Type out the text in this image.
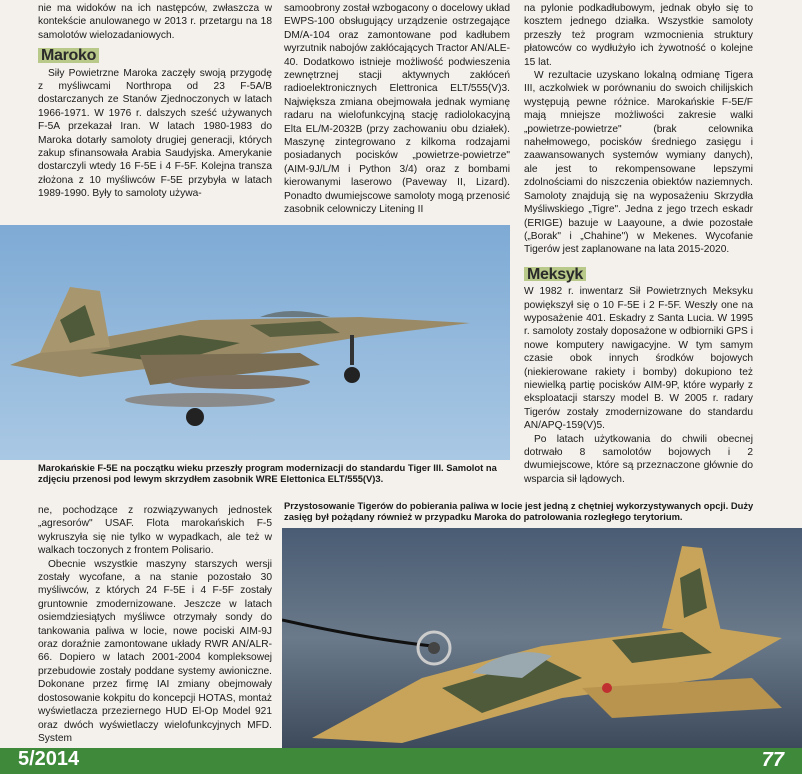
nie ma widoków na ich następców, zwłaszcza w kontekście anulowanego w 2013 r. przetargu na 18 samolotów wielozadaniowych.

Maroko

Siły Powietrzne Maroka zaczęły swoją przygodę z myśliwcami Northropa od 23 F-5A/B dostarczanych ze Stanów Zjednoczonych w latach 1966-1971. W 1976 r. dalszych sześć używanych F-5A przekazał Iran. W latach 1980-1983 do Maroka dotarły samoloty drugiej generacji, których zakup sfinansowała Arabia Saudyjska. Amerykanie dostarczyli wtedy 16 F-5E i 4 F-5F. Kolejna transza złożona z 10 myśliwców F-5E przybyła w latach 1989-1990. Były to samoloty używa-

samoobrony został wzbogacony o docelowy układ EWPS-100 obsługujący urządzenie ostrzegające DM/A-104 oraz zamontowane pod kadłubem wyrzutnik nabojów zakłócających Tractor AN/ALE-40. Dodatkowo istnieje możliwość podwieszenia zewnętrznej stacji aktywnych zakłóceń radioelektronicznych Elettronica ELT/555(V)3. Największa zmiana obejmowała jednak wymianę radaru na wielofunkcyjną stację radiolokacyjną Elta EL/M-2032B (przy zachowaniu obu działek). Maszynę zintegrowano z kilkoma rodzajami posiadanych pocisków „powietrze-powietrze" (AIM-9J/L/M i Python 3/4) oraz z bombami kierowanymi laserowo (Paveway II, Lizard). Ponadto dwumiejscowe samoloty mogą przenosić zasobnik celowniczy Litening II

na pylonie podkadłubowym, jednak obyło się to kosztem jednego działka. Wszystkie samoloty przeszły też program wzmocnienia struktury płatowców co wydłużyło ich żywotność o kolejne 15 lat.

W rezultacie uzyskano lokalną odmianę Tigera III, aczkolwiek w porównaniu do swoich chilijskich występują pewne różnice. Marokańskie F-5E/F mają mniejsze możliwości zakresie walki „powietrze-powietrze" (brak celownika nahełmowego, pocisków średniego zasięgu i zaawansowanych systemów wymiany danych), ale jest to rekompensowane lepszymi zdolnościami do niszczenia obiektów naziemnych. Samoloty znajdują się na wyposażeniu Skrzydła Myśliwskiego „Tigre". Jedna z jego trzech eskadr (ERIGE) bazuje w Laayoune, a dwie pozostałe („Borak" i „Chahine") w Mekenes. Wycofanie Tigerów jest zaplanowane na lata 2015-2020.

Meksyk

W 1982 r. inwentarz Sił Powietrznych Meksyku powiększył się o 10 F-5E i 2 F-5F. Weszły one na wyposażenie 401. Eskadry z Santa Lucia. W 1995 r. samoloty zostały doposażone w odbiorniki GPS i nowe komputery nawigacyjne. W tym samym czasie obok innych środków bojowych (niekierowane rakiety i bomby) dokupiono też niewielką partię pocisków AIM-9P, które wyparły z eksploatacji starszy model B. W 2005 r. radary Tigerów zostały zmodernizowane do standardu AN/APQ-159(V)5.

Po latach użytkowania do chwili obecnej dotrwało 8 samolotów bojowych i 2 dwumiejscowe, które są przeznaczone głównie do wsparcia sił lądowych.

Marokańskie F-5E na początku wieku przeszły program modernizacji do standardu Tiger III. Samolot na zdjęciu przenosi pod lewym skrzydłem zasobnik WRE Elettonica ELT/555(V)3.

ne, pochodzące z rozwiązywanych jednostek „agresorów" USAF. Flota marokańskich F-5 wykruszyła się nie tylko w wypadkach, ale też w walkach toczonych z frontem Polisario.

Obecnie wszystkie maszyny starszych wersji zostały wycofane, a na stanie pozostało 30 myśliwców, z których 24 F-5E i 4 F-5F zostały gruntownie zmodernizowane. Jeszcze w latach osiemdziesiątych myśliwce otrzymały sondy do tankowania paliwa w locie, nowe pociski AIM-9J oraz doraźnie zamontowane układy RWR AN/ALR-66. Dopiero w latach 2001-2004 kompleksowej przebudowie zostały poddane systemy awioniczne. Dokonane przez firmę IAI zmiany obejmowały dostosowanie kokpitu do koncepcji HOTAS, montaż wyświetlacza przeziernego HUD El-Op Model 921 oraz dwóch wyświetlaczy wielofunkcyjnych MFD. System

Przystosowanie Tigerów do pobierania paliwa w locie jest jedną z chętniej wykorzystywanych opcji. Duży zasięg był pożądany również w przypadku Maroka do patrolowania rozległego terytorium.
5/2014	77
